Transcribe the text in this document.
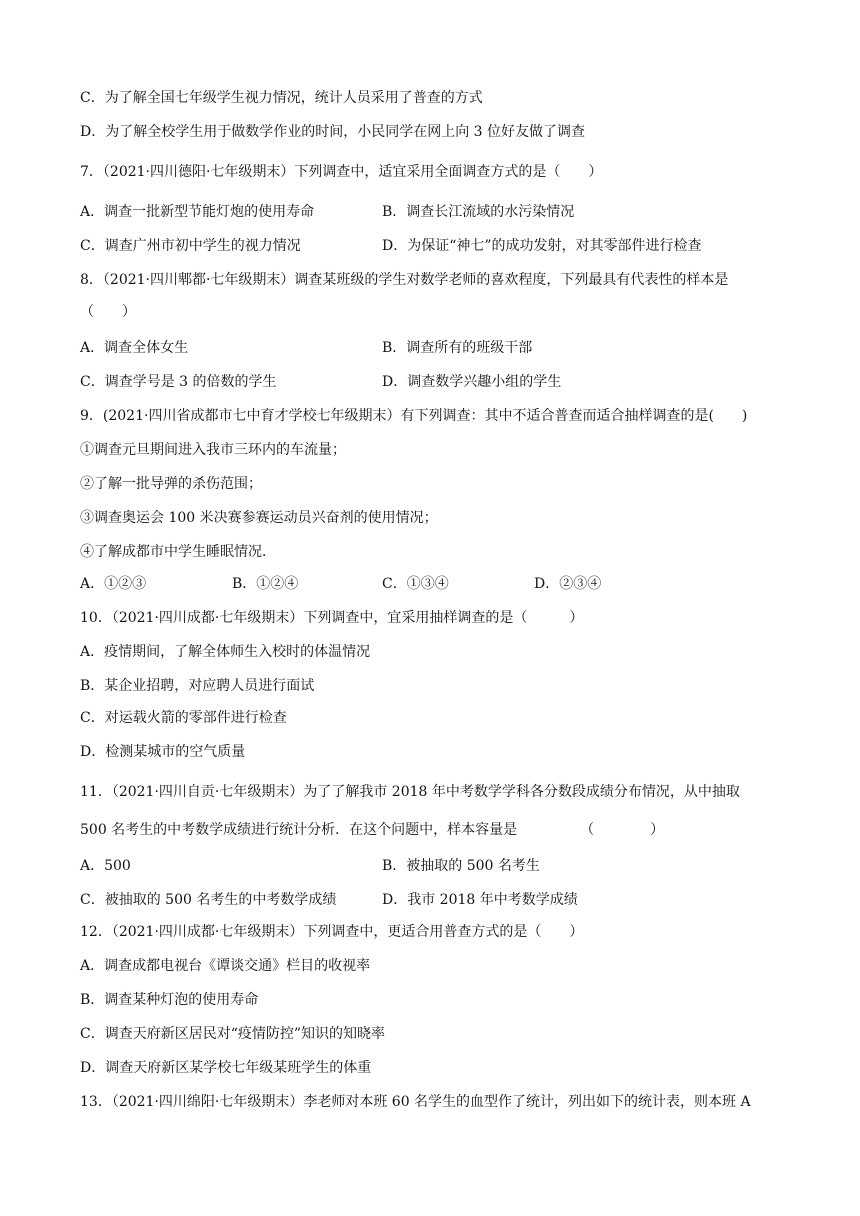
C．为了解全国七年级学生视力情况，统计人员采用了普查的方式
D．为了解全校学生用于做数学作业的时间，小民同学在网上向 3 位好友做了调查
7．（2021·四川德阳·七年级期末）下列调查中，适宜采用全面调查方式的是（　　）
A．调查一批新型节能灯炮的使用寿命	B．调查长江流域的水污染情况
C．调查广州市初中学生的视力情况	D．为保证“神七”的成功发射，对其零部件进行检查
8．（2021·四川郫都·七年级期末）调查某班级的学生对数学老师的喜欢程度，下列最具有代表性的样本是
（　　）
A．调查全体女生	B．调查所有的班级干部
C．调查学号是 3 的倍数的学生	D．调查数学兴趣小组的学生
9．(2021·四川省成都市七中育才学校七年级期末）有下列调查：其中不适合普查而适合抽样调查的是(　　)
①调查元旦期间进入我市三环内的车流量；
②了解一批导弹的杀伤范围；
③调查奥运会 100 米决赛参赛运动员兴奋剂的使用情况；
④了解成都市中学生睡眠情况．
A．①②③	B．①②④	C．①③④	D．②③④
10．（2021·四川成都·七年级期末）下列调查中，宜采用抽样调查的是（　　　）
A．疫情期间，了解全体师生入校时的体温情况
B．某企业招聘，对应聘人员进行面试
C．对运载火箭的零部件进行检查
D．检测某城市的空气质量
11．（2021·四川自贡·七年级期末）为了了解我市 2018 年中考数学学科各分数段成绩分布情况，从中抽取
500 名考生的中考数学成绩进行统计分析．在这个问题中，样本容量是　　　　　（　　　　）
A．500	B．被抽取的 500 名考生
C．被抽取的 500 名考生的中考数学成绩	D．我市 2018 年中考数学成绩
12．（2021·四川成都·七年级期末）下列调查中，更适合用普查方式的是（　　）
A．调查成都电视台《谭谈交通》栏目的收视率
B．调查某种灯泡的使用寿命
C．调查天府新区居民对“疫情防控”知识的知晓率
D．调查天府新区某学校七年级某班学生的体重
13．（2021·四川绵阳·七年级期末）李老师对本班 60 名学生的血型作了统计，列出如下的统计表，则本班 A
